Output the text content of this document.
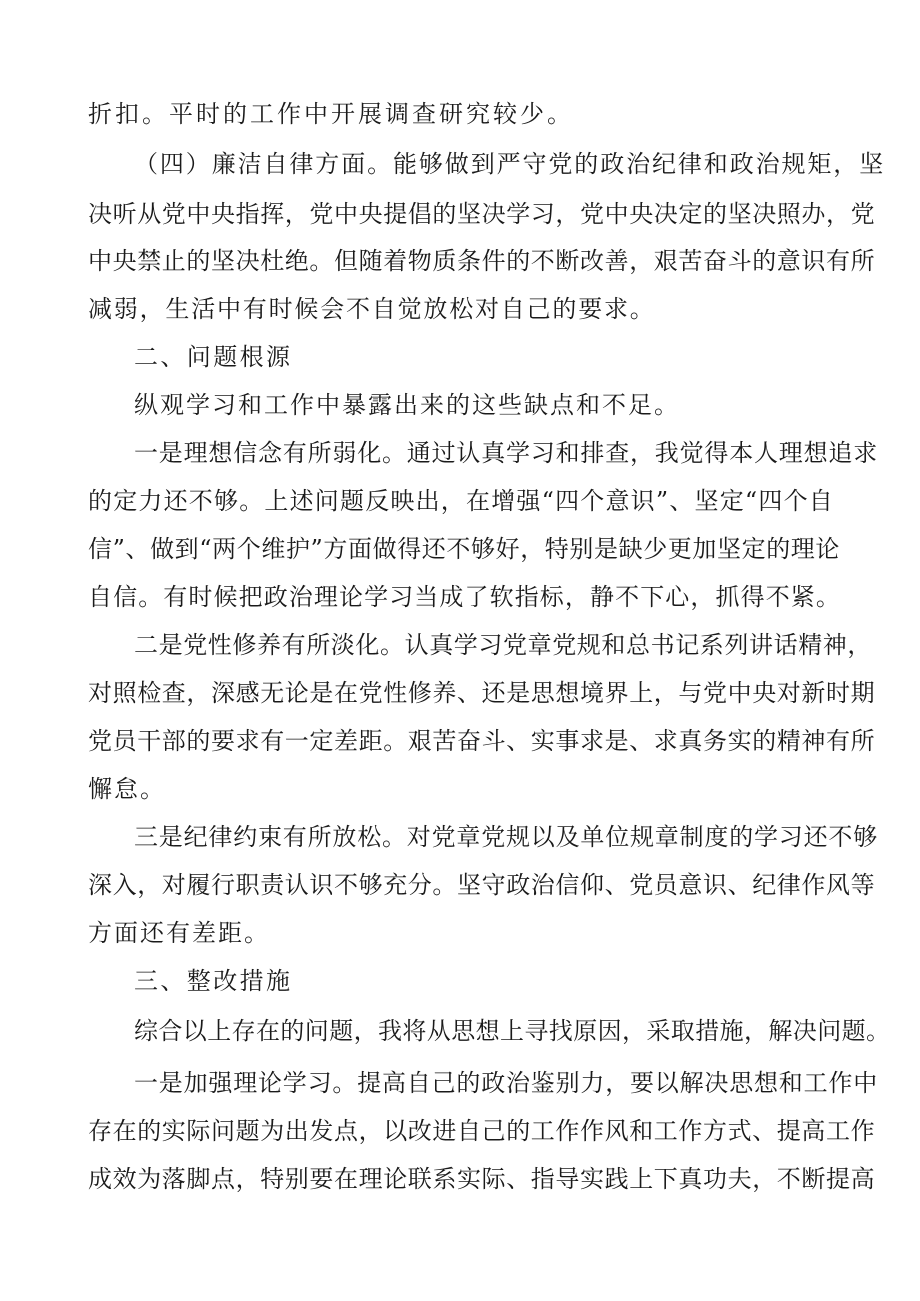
折扣。平时的工作中开展调查研究较少。

（四）廉洁自律方面。能够做到严守党的政治纪律和政治规矩，坚

决听从党中央指挥，党中央提倡的坚决学习，党中央决定的坚决照办，党

中央禁止的坚决杜绝。但随着物质条件的不断改善，艰苦奋斗的意识有所

减弱，生活中有时候会不自觉放松对自己的要求。

二、问题根源

纵观学习和工作中暴露出来的这些缺点和不足。

一是理想信念有所弱化。通过认真学习和排查，我觉得本人理想追求

的定力还不够。上述问题反映出，在增强“四个意识”、坚定“四个自

信”、做到“两个维护”方面做得还不够好，特别是缺少更加坚定的理论

自信。有时候把政治理论学习当成了软指标，静不下心，抓得不紧。

二是党性修养有所淡化。认真学习党章党规和总书记系列讲话精神，

对照检查，深感无论是在党性修养、还是思想境界上，与党中央对新时期

党员干部的要求有一定差距。艰苦奋斗、实事求是、求真务实的精神有所

懈怠。

三是纪律约束有所放松。对党章党规以及单位规章制度的学习还不够

深入，对履行职责认识不够充分。坚守政治信仰、党员意识、纪律作风等

方面还有差距。

三、整改措施

综合以上存在的问题，我将从思想上寻找原因，采取措施，解决问题。

一是加强理论学习。提高自己的政治鉴别力，要以解决思想和工作中

存在的实际问题为出发点，以改进自己的工作作风和工作方式、提高工作

成效为落脚点，特别要在理论联系实际、指导实践上下真功夫，不断提高
